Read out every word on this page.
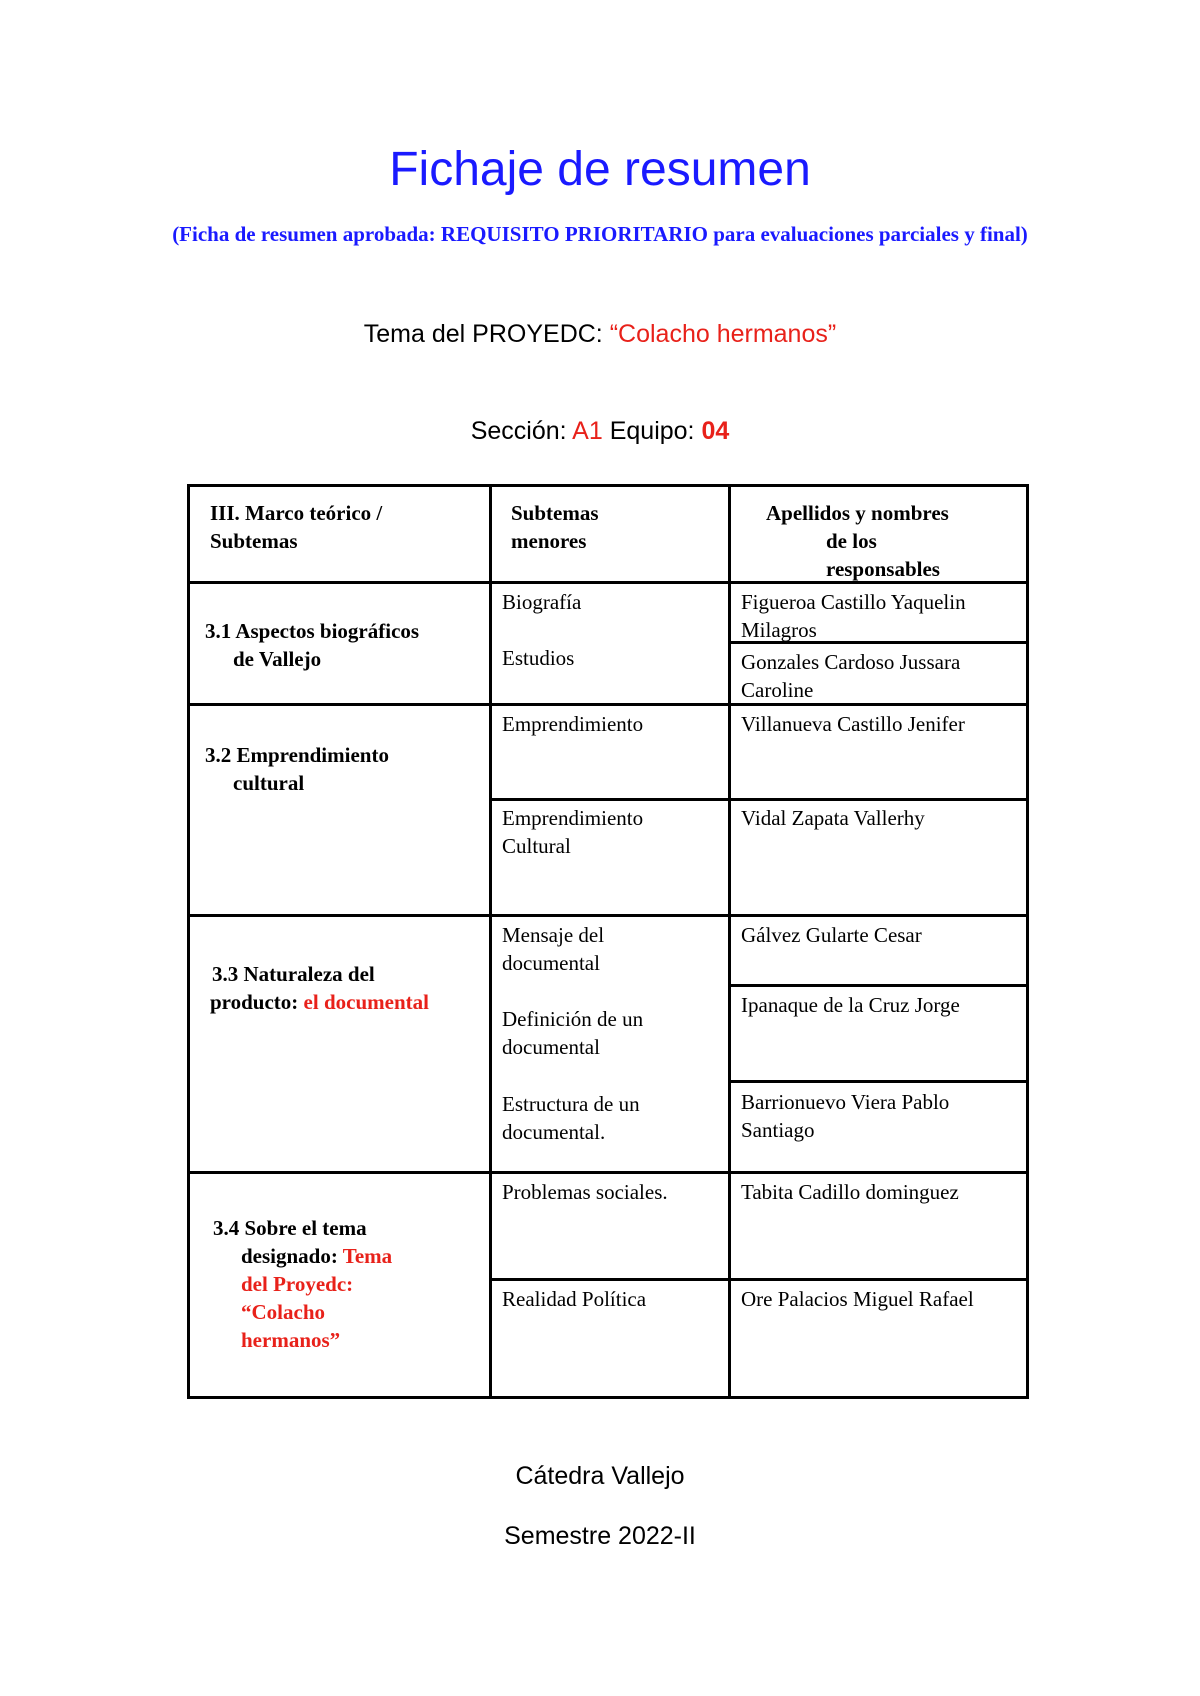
Fichaje de resumen
(Ficha de resumen aprobada: REQUISITO PRIORITARIO para evaluaciones parciales y final)
Tema del PROYEDC: “Colacho hermanos”
Sección: A1 Equipo: 04
III. Marco teórico /
Subtemas
Subtemas
menores
Apellidos y nombres
de los
responsables
3.1 Aspectos biográficos
de Vallejo
Biografía
Estudios
Figueroa Castillo Yaquelin
Milagros
Gonzales Cardoso Jussara
Caroline
3.2 Emprendimiento
cultural
Emprendimiento
Emprendimiento
Cultural
Villanueva Castillo Jenifer
Vidal Zapata Vallerhy
3.3 Naturaleza del
producto: el documental
Mensaje del
documental
Definición de un
documental
Estructura de un
documental.
Gálvez Gularte Cesar
Ipanaque de la Cruz Jorge
Barrionuevo Viera Pablo
Santiago
3.4 Sobre el tema
designado: Tema
del Proyedc:
“Colacho
hermanos”
Problemas sociales.
Realidad Política
Tabita Cadillo dominguez
Ore Palacios Miguel Rafael
Cátedra Vallejo
Semestre 2022-II
